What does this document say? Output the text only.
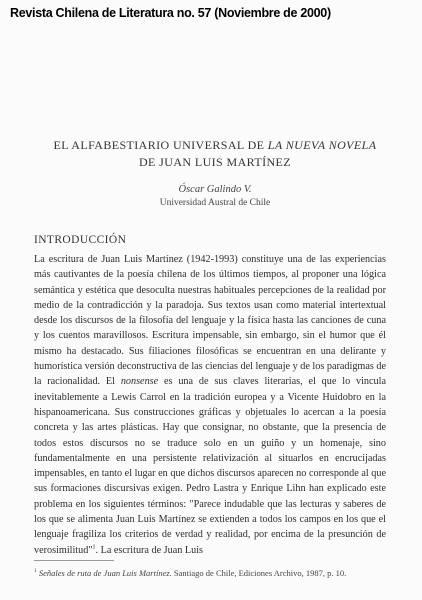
Revista Chilena de Literatura no. 57 (Noviembre de 2000)
EL ALFABESTIARIO UNIVERSAL DE LA NUEVA NOVELA
DE JUAN LUIS MARTÍNEZ
Óscar Galindo V.
Universidad Austral de Chile
INTRODUCCIÓN
La escritura de Juan Luis Martínez (1942-1993) constituye una de las experiencias más cautivantes de la poesía chilena de los últimos tiempos, al proponer una lógica semántica y estética que desoculta nuestras habituales percepciones de la realidad por medio de la contradicción y la paradoja. Sus textos usan como material intertextual desde los discursos de la filosofía del lenguaje y la física hasta las canciones de cuna y los cuentos maravillosos. Escritura impensable, sin embargo, sin el humor que él mismo ha destacado. Sus filiaciones filosóficas se encuentran en una delirante y humorística versión deconstructiva de las ciencias del lenguaje y de los paradigmas de la racionalidad. El nonsense es una de sus claves literarias, el que lo vincula inevitablemente a Lewis Carrol en la tradición europea y a Vicente Huidobro en la hispanoamericana. Sus construcciones gráficas y objetuales lo acercan a la poesía concreta y las artes plásticas. Hay que consignar, no obstante, que la presencia de todos estos discursos no se traduce solo en un guiño y un homenaje, sino fundamentalmente en una persistente relativización al situarlos en encrucijadas impensables, en tanto el lugar en que dichos discursos aparecen no corresponde al que sus formaciones discursivas exigen. Pedro Lastra y Enrique Lihn han explicado este problema en los siguientes términos: "Parece indudable que las lecturas y saberes de los que se alimenta Juan Luis Martínez se extienden a todos los campos en los que el lenguaje fragiliza los criterios de verdad y realidad, por encima de la presunción de verosimilitud"$^1$. La escritura de Juan Luis
$^1$ Señales de ruta de Juan Luis Martínez. Santiago de Chile, Ediciones Archivo, 1987, p. 10.
